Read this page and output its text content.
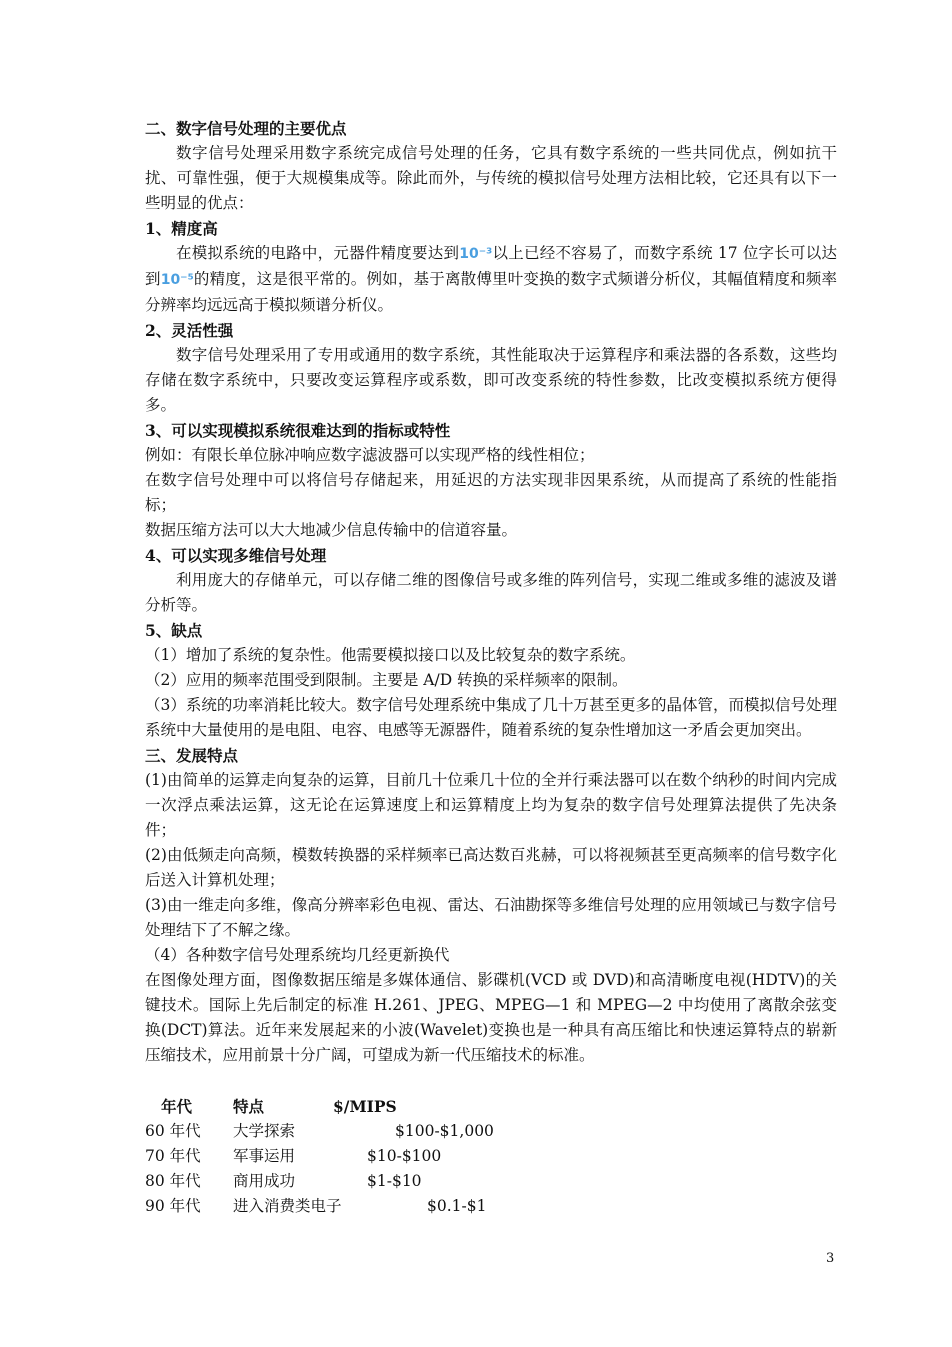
二、数字信号处理的主要优点

数字信号处理采用数字系统完成信号处理的任务，它具有数字系统的一些共同优点，例如抗干扰、可靠性强，便于大规模集成等。除此而外，与传统的模拟信号处理方法相比较，它还具有以下一些明显的优点：

1、精度高

在模拟系统的电路中，元器件精度要达到10⁻³以上已经不容易了，而数字系统 17 位字长可以达到10⁻⁵的精度，这是很平常的。例如，基于离散傅里叶变换的数字式频谱分析仪，其幅值精度和频率分辨率均远远高于模拟频谱分析仪。

2、灵活性强

数字信号处理采用了专用或通用的数字系统，其性能取决于运算程序和乘法器的各系数，这些均存储在数字系统中，只要改变运算程序或系数，即可改变系统的特性参数，比改变模拟系统方便得多。

3、可以实现模拟系统很难达到的指标或特性

例如：有限长单位脉冲响应数字滤波器可以实现严格的线性相位；

在数字信号处理中可以将信号存储起来，用延迟的方法实现非因果系统，从而提高了系统的性能指标；

数据压缩方法可以大大地减少信息传输中的信道容量。

4、可以实现多维信号处理

利用庞大的存储单元，可以存储二维的图像信号或多维的阵列信号，实现二维或多维的滤波及谱分析等。

5、缺点

（1）增加了系统的复杂性。他需要模拟接口以及比较复杂的数字系统。

（2）应用的频率范围受到限制。主要是 A/D 转换的采样频率的限制。

（3）系统的功率消耗比较大。数字信号处理系统中集成了几十万甚至更多的晶体管，而模拟信号处理系统中大量使用的是电阻、电容、电感等无源器件，随着系统的复杂性增加这一矛盾会更加突出。

三、发展特点

(1)由简单的运算走向复杂的运算，目前几十位乘几十位的全并行乘法器可以在数个纳秒的时间内完成一次浮点乘法运算，这无论在运算速度上和运算精度上均为复杂的数字信号处理算法提供了先决条件；

(2)由低频走向高频，模数转换器的采样频率已高达数百兆赫，可以将视频甚至更高频率的信号数字化后送入计算机处理；

(3)由一维走向多维，像高分辨率彩色电视、雷达、石油勘探等多维信号处理的应用领域已与数字信号处理结下了不解之缘。

（4）各种数字信号处理系统均几经更新换代

在图像处理方面，图像数据压缩是多媒体通信、影碟机(VCD 或 DVD)和高清晰度电视(HDTV)的关键技术。国际上先后制定的标准 H.261、JPEG、MPEG—1 和 MPEG—2 中均使用了离散余弦变换(DCT)算法。近年来发展起来的小波(Wavelet)变换也是一种具有高压缩比和快速运算特点的崭新压缩技术，应用前景十分广阔，可望成为新一代压缩技术的标准。

年代	特点	$/MIPS
60 年代	大学探索	$100-$1,000
70 年代	军事运用	$10-$100
80 年代	商用成功	$1-$10
90 年代	进入消费类电子	$0.1-$1
3
